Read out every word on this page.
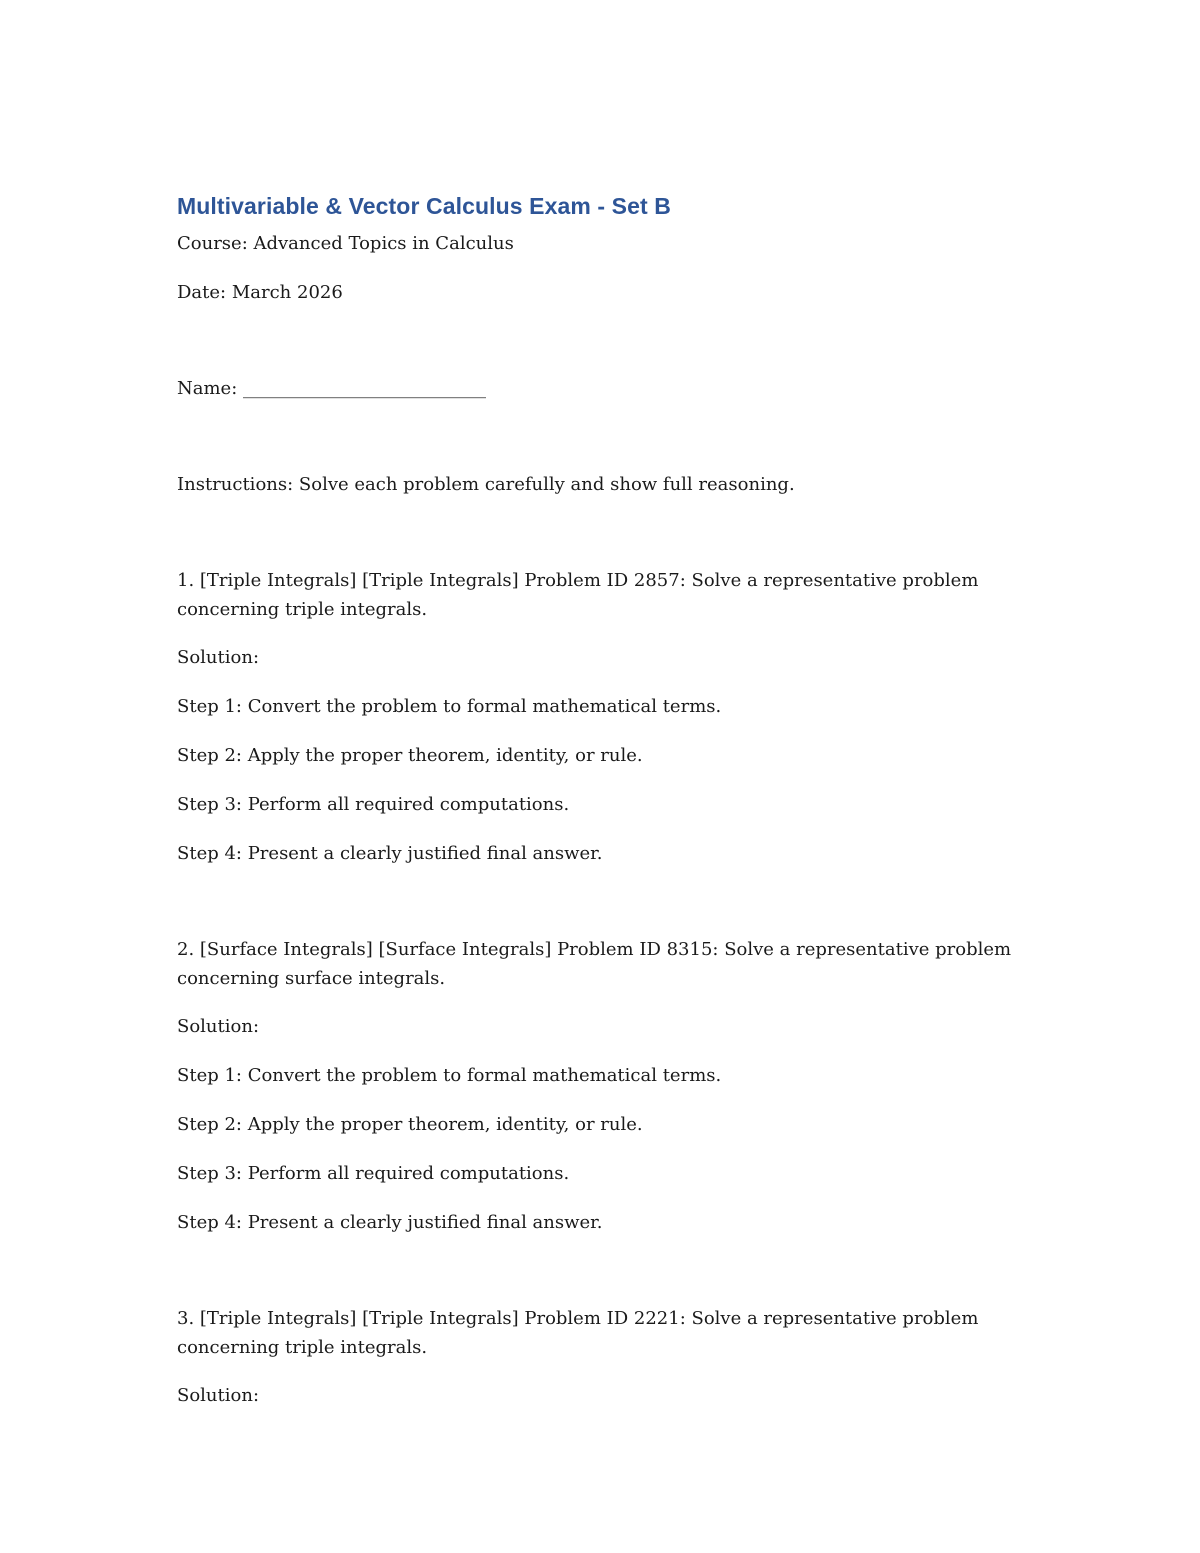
Multivariable & Vector Calculus Exam - Set B
Course: Advanced Topics in Calculus
Date: March 2026
Name: ___________________________
Instructions: Solve each problem carefully and show full reasoning.
1. [Triple Integrals] [Triple Integrals] Problem ID 2857: Solve a representative problem concerning triple integrals.
Solution:
Step 1: Convert the problem to formal mathematical terms.
Step 2: Apply the proper theorem, identity, or rule.
Step 3: Perform all required computations.
Step 4: Present a clearly justified final answer.
2. [Surface Integrals] [Surface Integrals] Problem ID 8315: Solve a representative problem concerning surface integrals.
Solution:
Step 1: Convert the problem to formal mathematical terms.
Step 2: Apply the proper theorem, identity, or rule.
Step 3: Perform all required computations.
Step 4: Present a clearly justified final answer.
3. [Triple Integrals] [Triple Integrals] Problem ID 2221: Solve a representative problem concerning triple integrals.
Solution:
